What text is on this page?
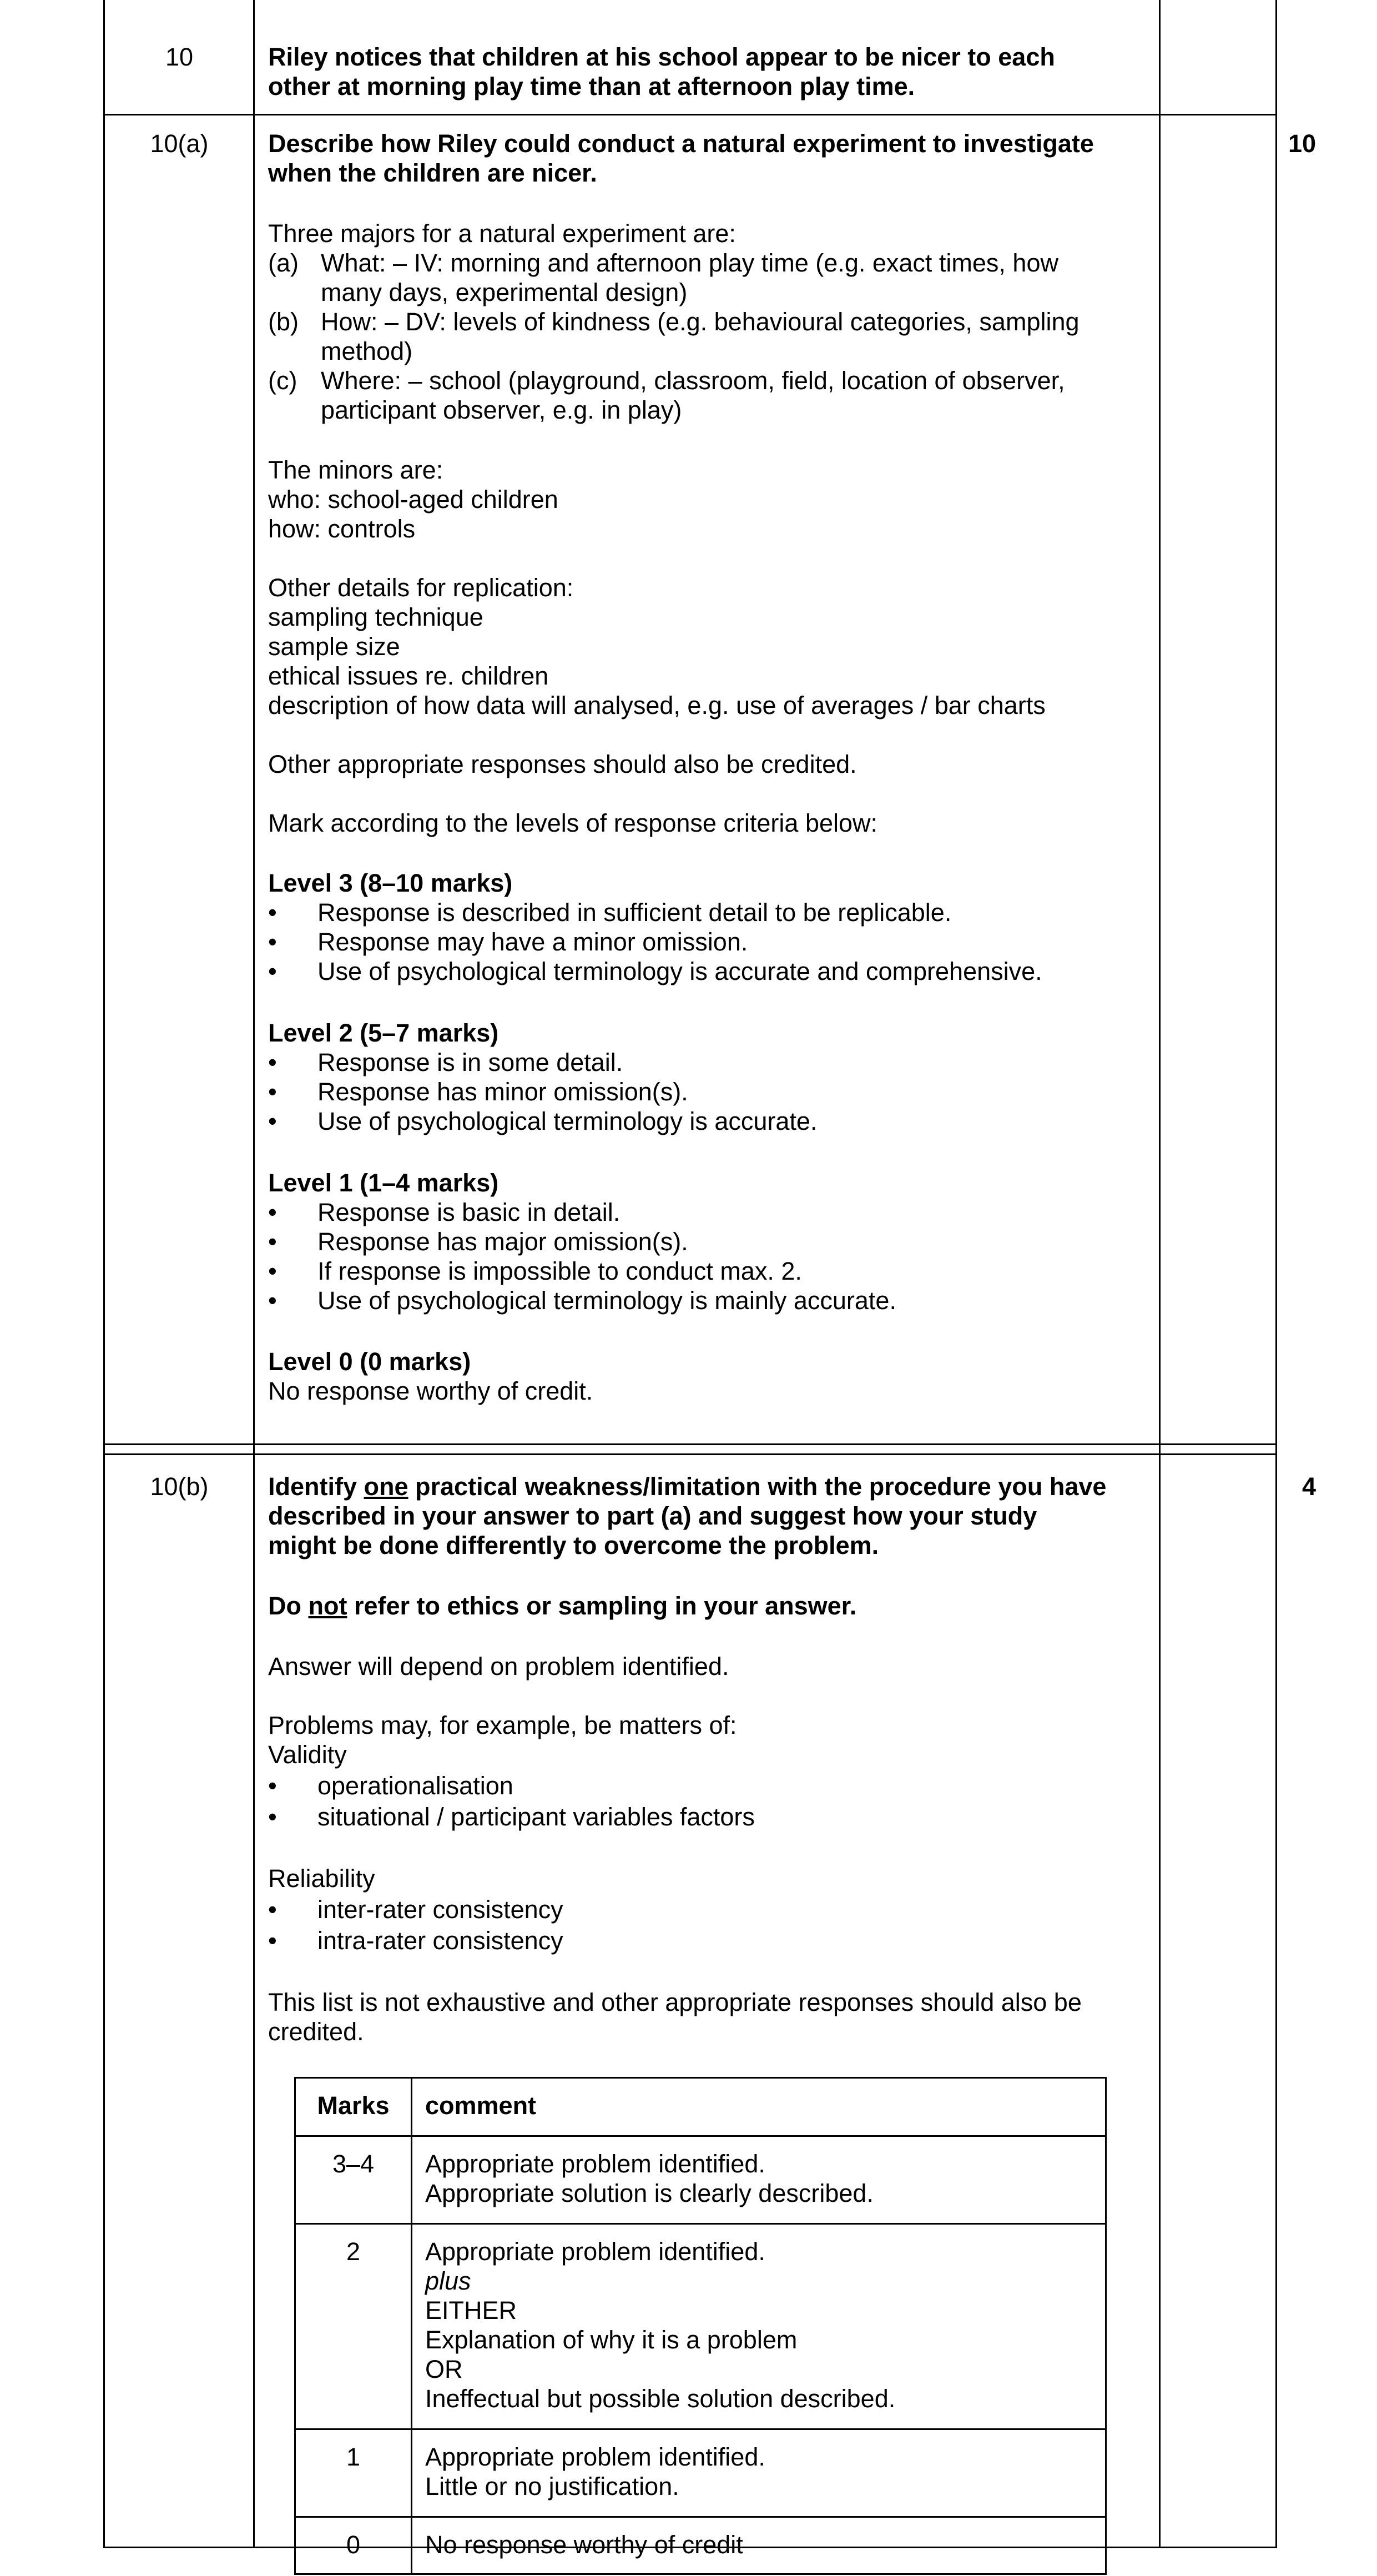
10	Riley notices that children at his school appear to be nicer to each
other at morning play time than at afternoon play time.
10(a)	10
Describe how Riley could conduct a natural experiment to investigate
when the children are nicer.
Three majors for a natural experiment are:
(a) What: – IV: morning and afternoon play time (e.g. exact times, how
many days, experimental design)
(b) How: – DV: levels of kindness (e.g. behavioural categories, sampling
method)
(c) Where: – school (playground, classroom, field, location of observer,
participant observer, e.g. in play)
The minors are:
who: school-aged children
how: controls
Other details for replication:
sampling technique
sample size
ethical issues re. children
description of how data will analysed, e.g. use of averages / bar charts
Other appropriate responses should also be credited.
Mark according to the levels of response criteria below:
Level 3 (8–10 marks)
• Response is described in sufficient detail to be replicable.
• Response may have a minor omission.
• Use of psychological terminology is accurate and comprehensive.
Level 2 (5–7 marks)
• Response is in some detail.
• Response has minor omission(s).
• Use of psychological terminology is accurate.
Level 1 (1–4 marks)
• Response is basic in detail.
• Response has major omission(s).
• If response is impossible to conduct max. 2.
• Use of psychological terminology is mainly accurate.
Level 0 (0 marks)
No response worthy of credit.
10(b)	4
Identify one practical weakness/limitation with the procedure you have
described in your answer to part (a) and suggest how your study
might be done differently to overcome the problem.
Do not refer to ethics or sampling in your answer.
Answer will depend on problem identified.
Problems may, for example, be matters of:
Validity
• operationalisation
• situational / participant variables factors
Reliability
• inter-rater consistency
• intra-rater consistency
This list is not exhaustive and other appropriate responses should also be
credited.
Marks	comment
3–4	Appropriate problem identified.
Appropriate solution is clearly described.
2	Appropriate problem identified.
plus
EITHER
Explanation of why it is a problem
OR
Ineffectual but possible solution described.
1	Appropriate problem identified.
Little or no justification.
0	No response worthy of credit
